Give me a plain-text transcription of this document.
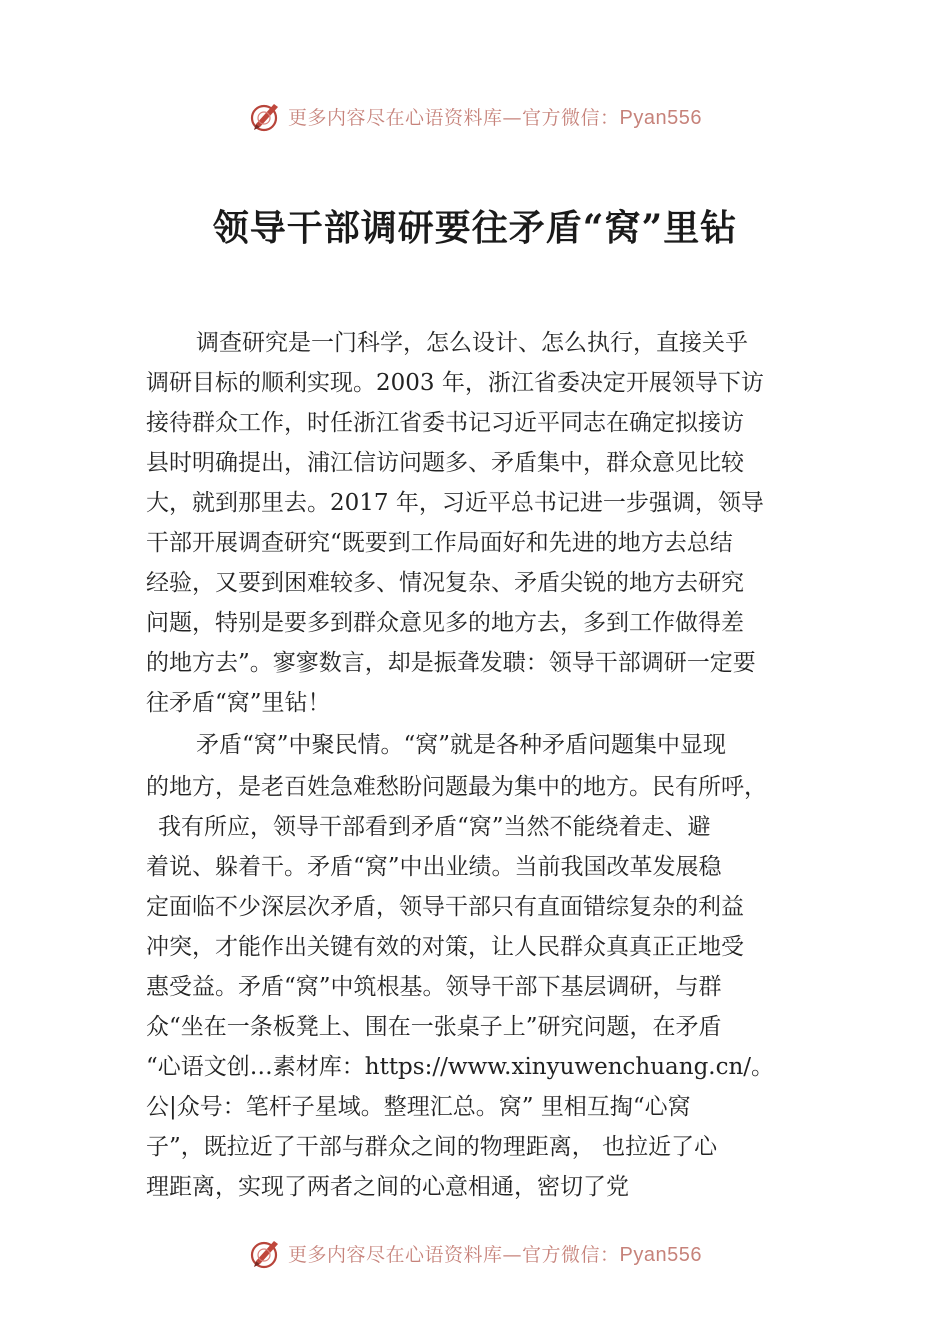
更多内容尽在心语资料库—官方微信：Pyan556
领导干部调研要往矛盾“窝”里钻
调查研究是一门科学，怎么设计、怎么执行，直接关乎
调研目标的顺利实现。2003 年，浙江省委决定开展领导下访
接待群众工作，时任浙江省委书记习近平同志在确定拟接访
县时明确提出，浦江信访问题多、矛盾集中，群众意见比较
大，就到那里去。2017 年，习近平总书记进一步强调，领导
干部开展调查研究“既要到工作局面好和先进的地方去总结
经验，又要到困难较多、情况复杂、矛盾尖锐的地方去研究
问题，特别是要多到群众意见多的地方去，多到工作做得差
的地方去”。寥寥数言，却是振聋发聩：领导干部调研一定要
往矛盾“窝”里钻！
矛盾“窝”中聚民情。“窝”就是各种矛盾问题集中显现
的地方，是老百姓急难愁盼问题最为集中的地方。民有所呼，
我有所应，领导干部看到矛盾“窝”当然不能绕着走、避
着说、躲着干。矛盾“窝”中出业绩。当前我国改革发展稳
定面临不少深层次矛盾，领导干部只有直面错综复杂的利益
冲突，才能作出关键有效的对策，让人民群众真真正正地受
惠受益。矛盾“窝”中筑根基。领导干部下基层调研，与群
众“坐在一条板凳上、围在一张桌子上”研究问题，在矛盾
“心语文创…素材库：https://www.xinyuwenchuang.cn/。
公|众号：笔杆子星域。整理汇总。窝” 里相互掏“心窝
子”，既拉近了干部与群众之间的物理距离， 也拉近了心
理距离，实现了两者之间的心意相通，密切了党
更多内容尽在心语资料库—官方微信：Pyan556
